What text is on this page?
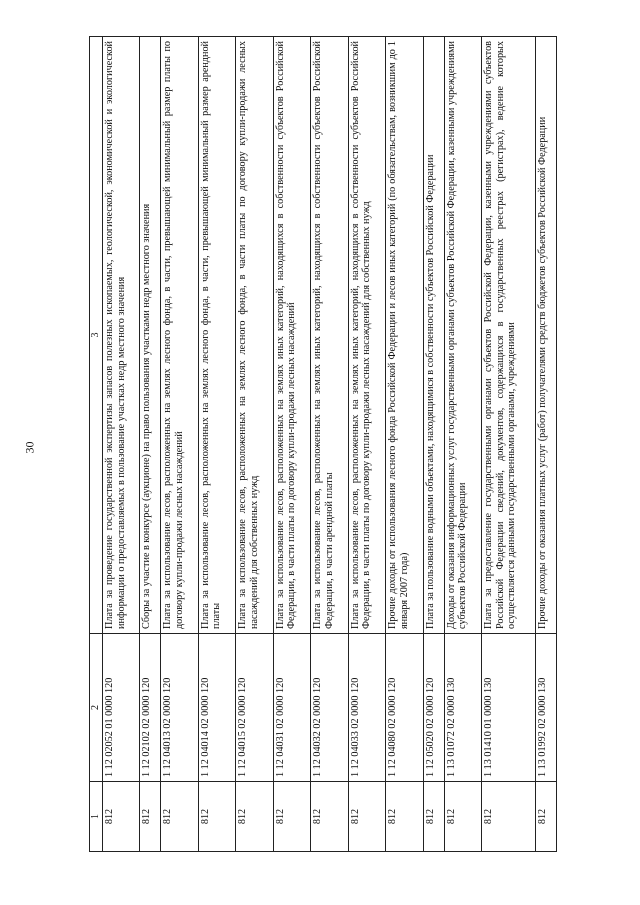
30
1	2	3
812	1 12 02052 01 0000 120	Плата за проведение государственной экспертизы запасов полезных ископаемых, геологической, экономической и экологической информации о предоставляемых в пользование участках недр местного значения
812	1 12 02102 02 0000 120	Сборы за участие в конкурсе (аукционе) на право пользования участками недр местного значения
812	1 12 04013 02 0000 120	Плата за использование лесов, расположенных на землях лесного фонда, в части, превышающей минимальный размер платы по договору купли-продажи лесных насаждений
812	1 12 04014 02 0000 120	Плата за использование лесов, расположенных на землях лесного фонда, в части, превышающей минимальный размер арендной платы
812	1 12 04015 02 0000 120	Плата за использование лесов, расположенных на землях лесного фонда, в части платы по договору купли-продажи лесных насаждений для собственных нужд
812	1 12 04031 02 0000 120	Плата за использование лесов, расположенных на землях иных категорий, находящихся в собственности субъектов Российской Федерации, в части платы по договору купли-продажи лесных насаждений
812	1 12 04032 02 0000 120	Плата за использование лесов, расположенных на землях иных категорий, находящихся в собственности субъектов Российской Федерации, в части арендной платы
812	1 12 04033 02 0000 120	Плата за использование лесов, расположенных на землях иных категорий, находящихся в собственности субъектов Российской Федерации, в части платы по договору купли-продажи лесных насаждений для собственных нужд
812	1 12 04080 02 0000 120	Прочие доходы от использования лесного фонда Российской Федерации и лесов иных категорий (по обязательствам, возникшим до 1 января 2007 года)
812	1 12 05020 02 0000 120	Плата за пользование водными объектами, находящимися в собственности субъектов Российской Федерации
812	1 13 01072 02 0000 130	Доходы от оказания информационных услуг государственными органами субъектов Российской Федерации, казенными учреждениями субъектов Российской Федерации
812	1 13 01410 01 0000 130	Плата за предоставление государственными органами субъектов Российской Федерации, казенными учреждениями субъектов Российской Федерации сведений, документов, содержащихся в государственных реестрах (регистрах), ведение которых осуществляется данными государственными органами, учреждениями
812	1 13 01992 02 0000 130	Прочие доходы от оказания платных услуг (работ) получателями средств бюджетов субъектов Российской Федерации
